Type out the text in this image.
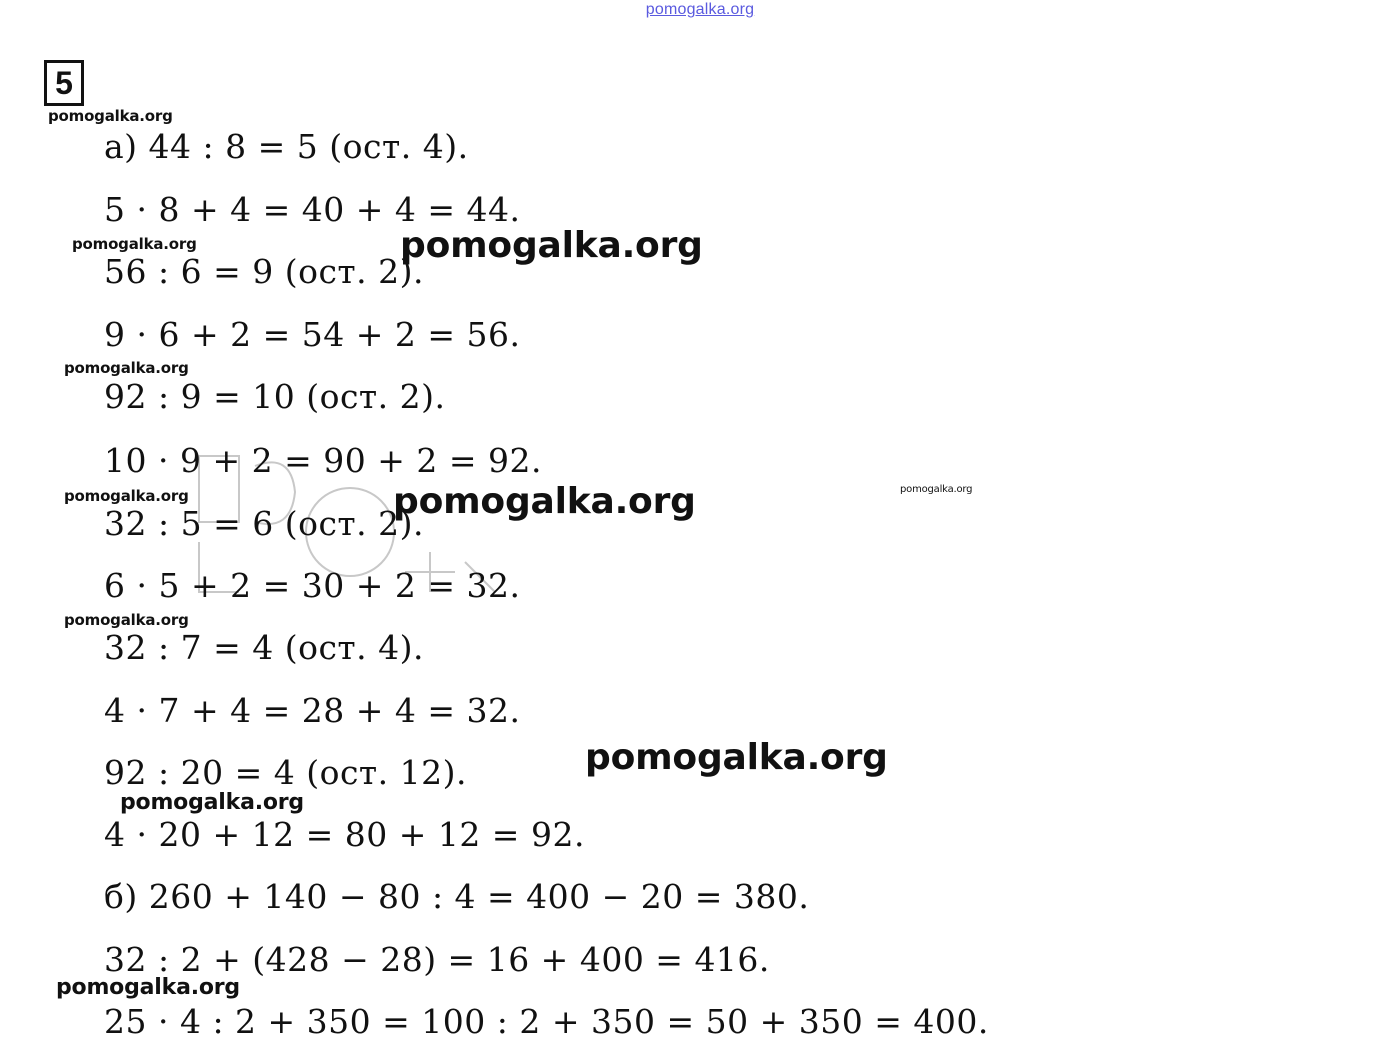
pomogalka.org
5
а) 44 : 8 = 5 (ост. 4).
5 · 8 + 4 = 40 + 4 = 44.
56 : 6 = 9 (ост. 2).
9 · 6 + 2 = 54 + 2 = 56.
92 : 9 = 10 (ост. 2).
10 · 9 + 2 = 90 + 2 = 92.
32 : 5 = 6 (ост. 2).
6 · 5 + 2 = 30 + 2 = 32.
32 : 7 = 4 (ост. 4).
4 · 7 + 4 = 28 + 4 = 32.
92 : 20 = 4 (ост. 12).
4 · 20 + 12 = 80 + 12 = 92.
б) 260 + 140 − 80 : 4 = 400 − 20 = 380.
32 : 2 + (428 − 28) = 16 + 400 = 416.
25 · 4 : 2 + 350 = 100 : 2 + 350 = 50 + 350 = 400.
pomogalka.org
pomogalka.org	pomogalka.org
pomogalka.org
pomogalka.org	pomogalka.org	pomogalka.org
pomogalka.org
pomogalka.org
pomogalka.org
pomogalka.org
